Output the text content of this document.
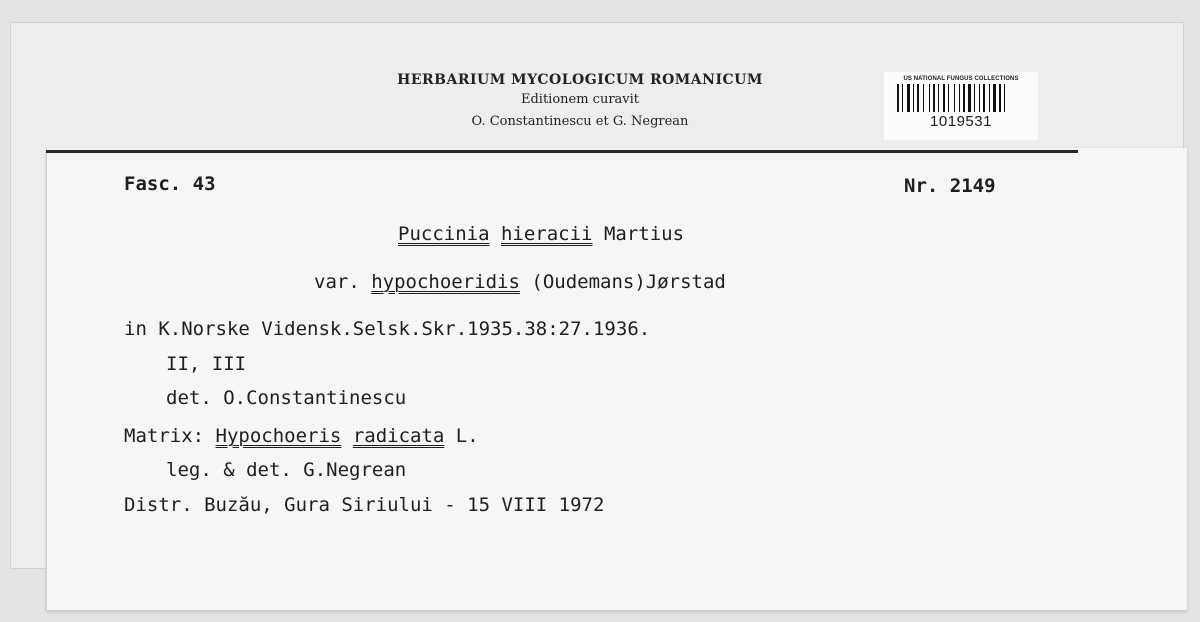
HERBARIUM MYCOLOGICUM ROMANICUM
Editionem curavit
O. Constantinescu et G. Negrean
US NATIONAL FUNGUS COLLECTIONS
1019531
Fasc. 43	Nr. 2149
Puccinia hieracii Martius
var. hypochoeridis (Oudemans)Jørstad
in K.Norske Vidensk.Selsk.Skr.1935.38:27.1936.
II, III
det. O.Constantinescu
Matrix: Hypochoeris radicata L.
leg. & det. G.Negrean
Distr. Buzău, Gura Siriului - 15 VIII 1972
